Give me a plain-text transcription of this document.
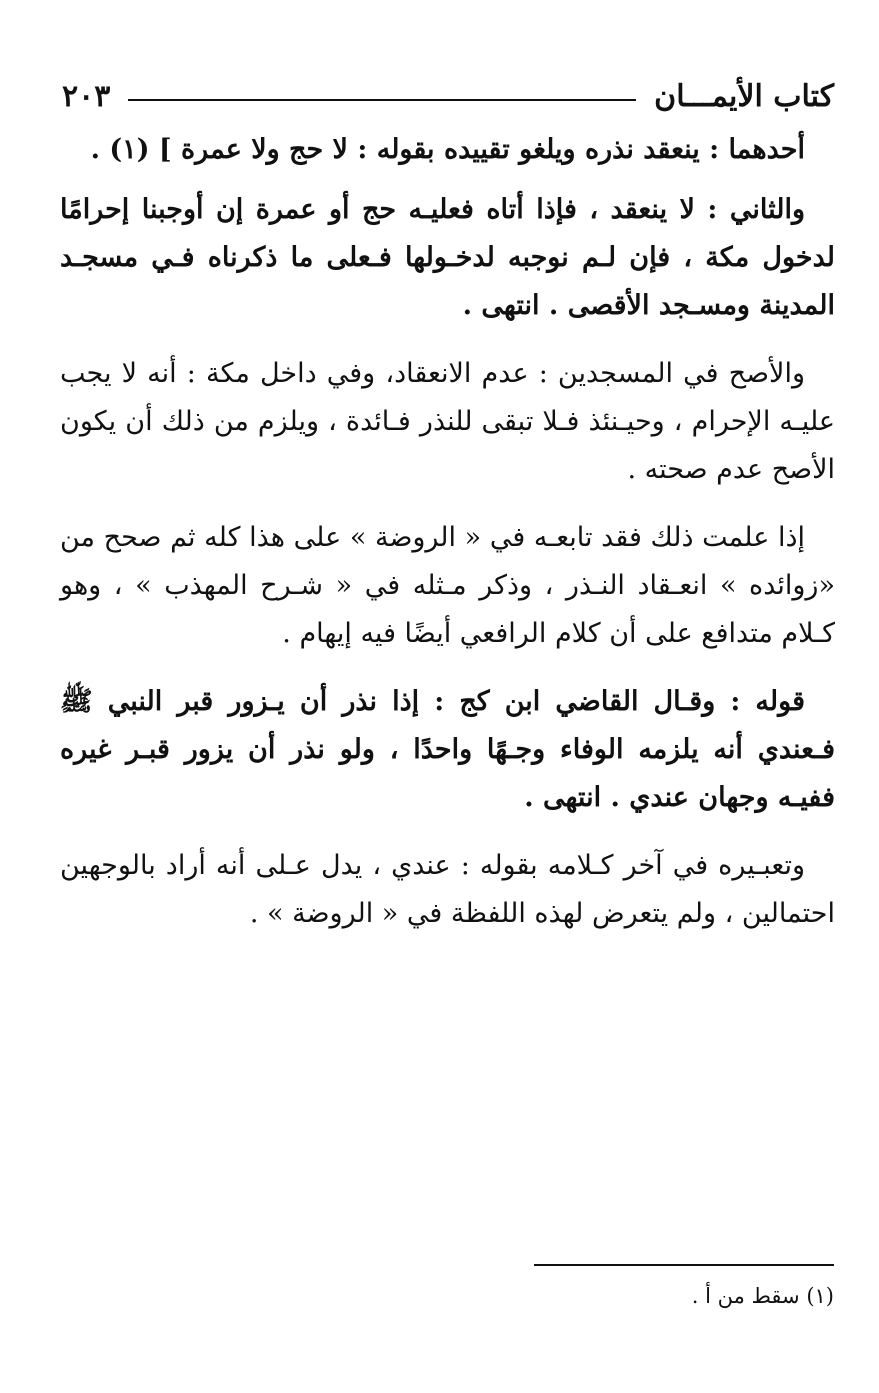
كتاب الأيمـــان
٢٠٣

أحدهما : ينعقد نذره ويلغو تقييده بقوله : لا حج ولا عمرة ] (١) .

والثاني : لا ينعقد ، فإذا أتاه فعليـه حج أو عمرة إن أوجبنا إحرامًا لدخول مكة ، فإن لـم نوجبه لدخـولها فـعلى ما ذكرناه فـي مسجـد المدينة ومسـجد الأقصى . انتهى .

والأصح في المسجدين : عدم الانعقاد، وفي داخل مكة : أنه لا يجب عليـه الإحرام ، وحيـنئذ فـلا تبقى للنذر فـائدة ، ويلزم من ذلك أن يكون الأصح عدم صحته .

إذا علمت ذلك فقد تابعـه في « الروضة » على هذا كله ثم صحح من «زوائده » انعـقاد النـذر ، وذكر مـثله في « شـرح المهذب » ، وهو كـلام متدافع على أن كلام الرافعي أيضًا فيه إيهام .

قوله : وقـال القاضي ابن كج : إذا نذر أن يـزور قبر النبي ﷺ فـعندي أنه يلزمه الوفاء وجـهًا واحدًا ، ولو نذر أن يزور قبـر غيره ففيـه وجهان عندي . انتهى .

وتعبـيره في آخر كـلامه بقوله : عندي ، يدل عـلى أنه أراد بالوجهين احتمالين ، ولم يتعرض لهذه اللفظة في « الروضة » .

(١) سقط من أ .
